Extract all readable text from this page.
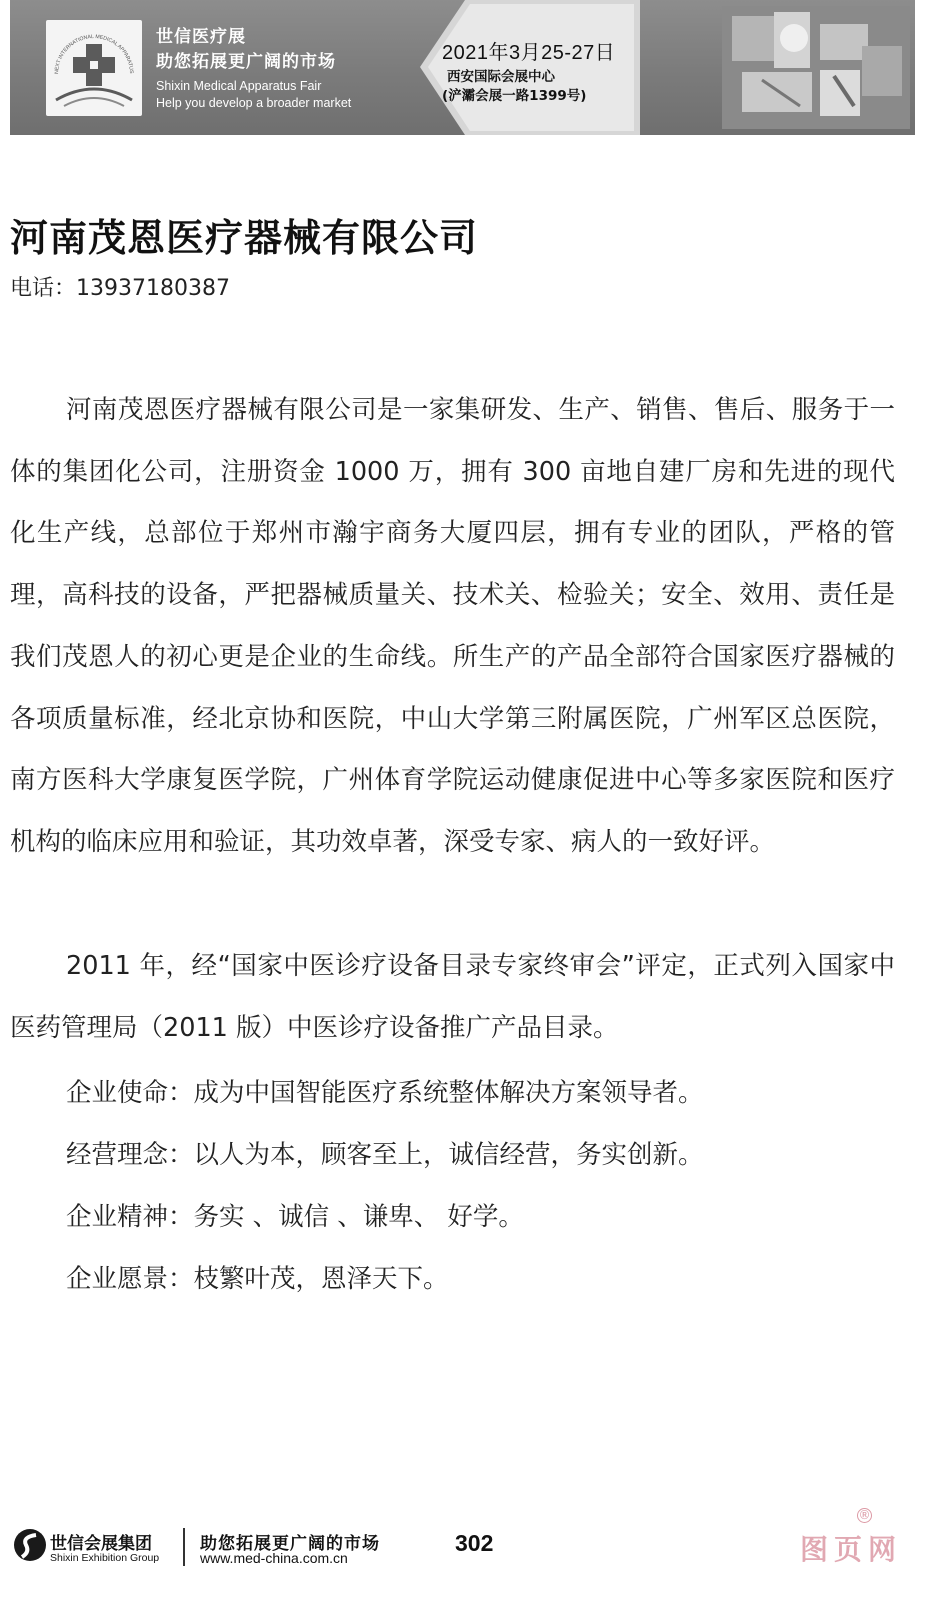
NEXT INTERNATIONAL MEDICAL APPARATUS
世信医疗展
助您拓展更广阔的市场
Shixin Medical Apparatus Fair
Help you develop a broader market
2021年3月25-27日
西安国际会展中心
(浐灞会展一路1399号)
河南茂恩医疗器械有限公司
电话：13937180387

河南茂恩医疗器械有限公司是一家集研发、生产、销售、售后、服务于一体的集团化公司，注册资金 1000 万，拥有 300 亩地自建厂房和先进的现代化生产线，总部位于郑州市瀚宇商务大厦四层，拥有专业的团队，严格的管理，高科技的设备，严把器械质量关、技术关、检验关；安全、效用、责任是我们茂恩人的初心更是企业的生命线。所生产的产品全部符合国家医疗器械的各项质量标准，经北京协和医院，中山大学第三附属医院，广州军区总医院，南方医科大学康复医学院，广州体育学院运动健康促进中心等多家医院和医疗机构的临床应用和验证，其功效卓著，深受专家、病人的一致好评。

2011 年，经“国家中医诊疗设备目录专家终审会”评定，正式列入国家中医药管理局（2011 版）中医诊疗设备推广产品目录。

企业使命：成为中国智能医疗系统整体解决方案领导者。
经营理念：以人为本，顾客至上，诚信经营，务实创新。
企业精神：务实 、诚信 、谦卑、 好学。
企业愿景：枝繁叶茂，恩泽天下。
世信会展集团
Shixin Exhibition Group
助您拓展更广阔的市场
www.med-china.com.cn
302
®
图页网
